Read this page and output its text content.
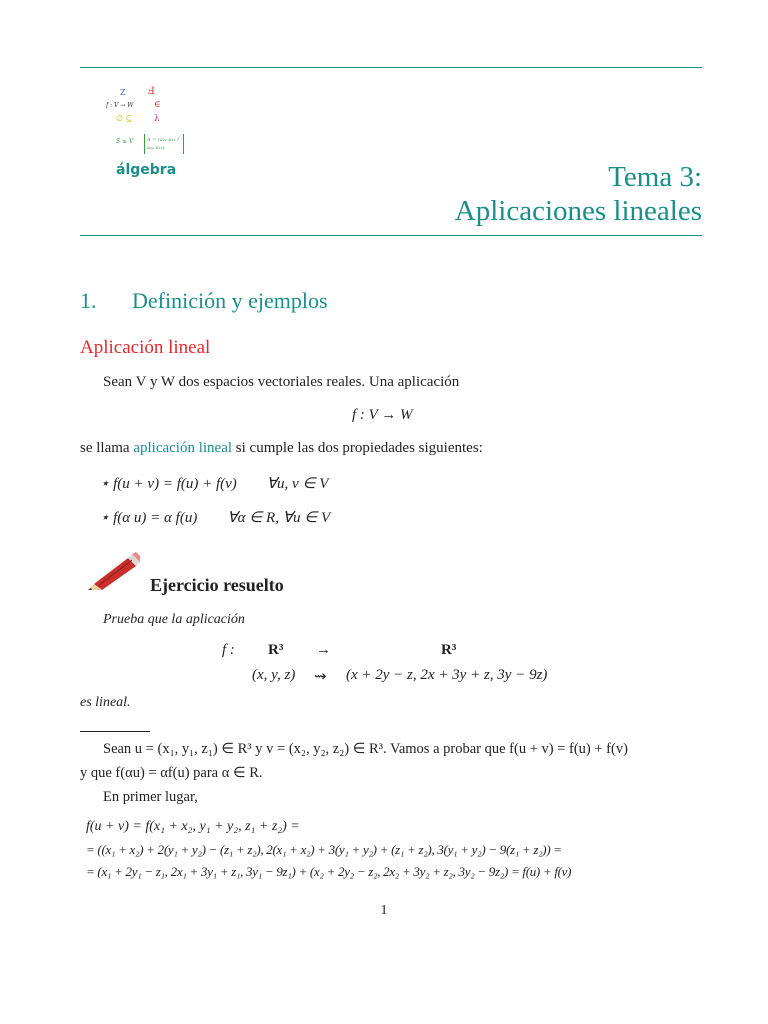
Z Ⅎ
f : V → W ∈
∅ ⊆ λ
S ≤ V	A = (a₁₁ a₁₂ / a₂₁ a₂₂)
álgebra	Tema 3:
Aplicaciones lineales
1. Definición y ejemplos
Aplicación lineal
Sean V y W dos espacios vectoriales reales. Una aplicación
f : V → W
se llama aplicación lineal si cumple las dos propiedades siguientes:
⋆ f(u + v) = f(u) + f(v)        ∀u, v ∈ V
⋆ f(α u) = α f(u)        ∀α ∈ R, ∀u ∈ V
Ejercicio resuelto
Prueba que la aplicación
f : R³ →	R³
(x, y, z) ⇝ (x + 2y − z, 2x + 3y + z, 3y − 9z)
es lineal.
Sean u = (x₁, y₁, z₁) ∈ R³ y v = (x₂, y₂, z₂) ∈ R³. Vamos a probar que f(u + v) = f(u) + f(v)
y que f(αu) = αf(u) para α ∈ R.
En primer lugar,
f(u + v) = f(x₁ + x₂, y₁ + y₂, z₁ + z₂) =
= ((x₁ + x₂) + 2(y₁ + y₂) − (z₁ + z₂), 2(x₁ + x₂) + 3(y₁ + y₂) + (z₁ + z₂), 3(y₁ + y₂) − 9(z₁ + z₂)) =
= (x₁ + 2y₁ − z₁, 2x₁ + 3y₁ + z₁, 3y₁ − 9z₁) + (x₂ + 2y₂ − z₂, 2x₂ + 3y₂ + z₂, 3y₂ − 9z₂) = f(u) + f(v)
1
